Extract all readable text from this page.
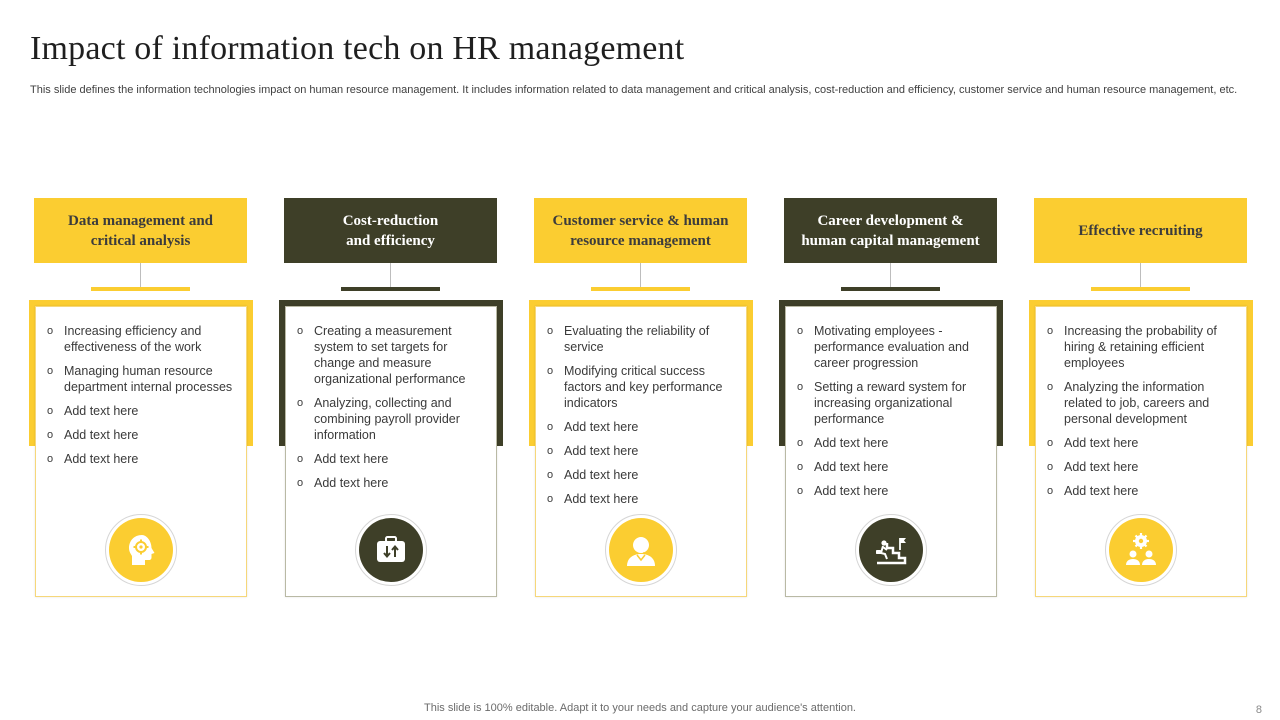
Impact of information tech on HR management

This slide defines the information technologies impact on human resource management. It includes information related to data management and critical analysis, cost-reduction and efficiency, customer service and human resource management, etc.

Data management and
critical analysis
o Increasing efficiency and effectiveness of the work
o Managing human resource department internal processes
o Add text here
o Add text here
o Add text here
Cost-reduction
and efficiency
o Creating a measurement system to set targets for change and measure organizational performance
o Analyzing, collecting and combining payroll provider information
o Add text here
o Add text here
Customer service & human
resource management
o Evaluating the reliability of service
o Modifying critical success factors and key performance indicators
o Add text here
o Add text here
o Add text here
o Add text here
Career development &
human capital management
o Motivating employees - performance evaluation and career progression
o Setting a reward system for increasing organizational performance
o Add text here
o Add text here
o Add text here
Effective recruiting
o Increasing the probability of hiring & retaining efficient employees
o Analyzing the information related to job, careers and personal development
o Add text here
o Add text here
o Add text here
This slide is 100% editable. Adapt it to your needs and capture your audience's attention.	8
